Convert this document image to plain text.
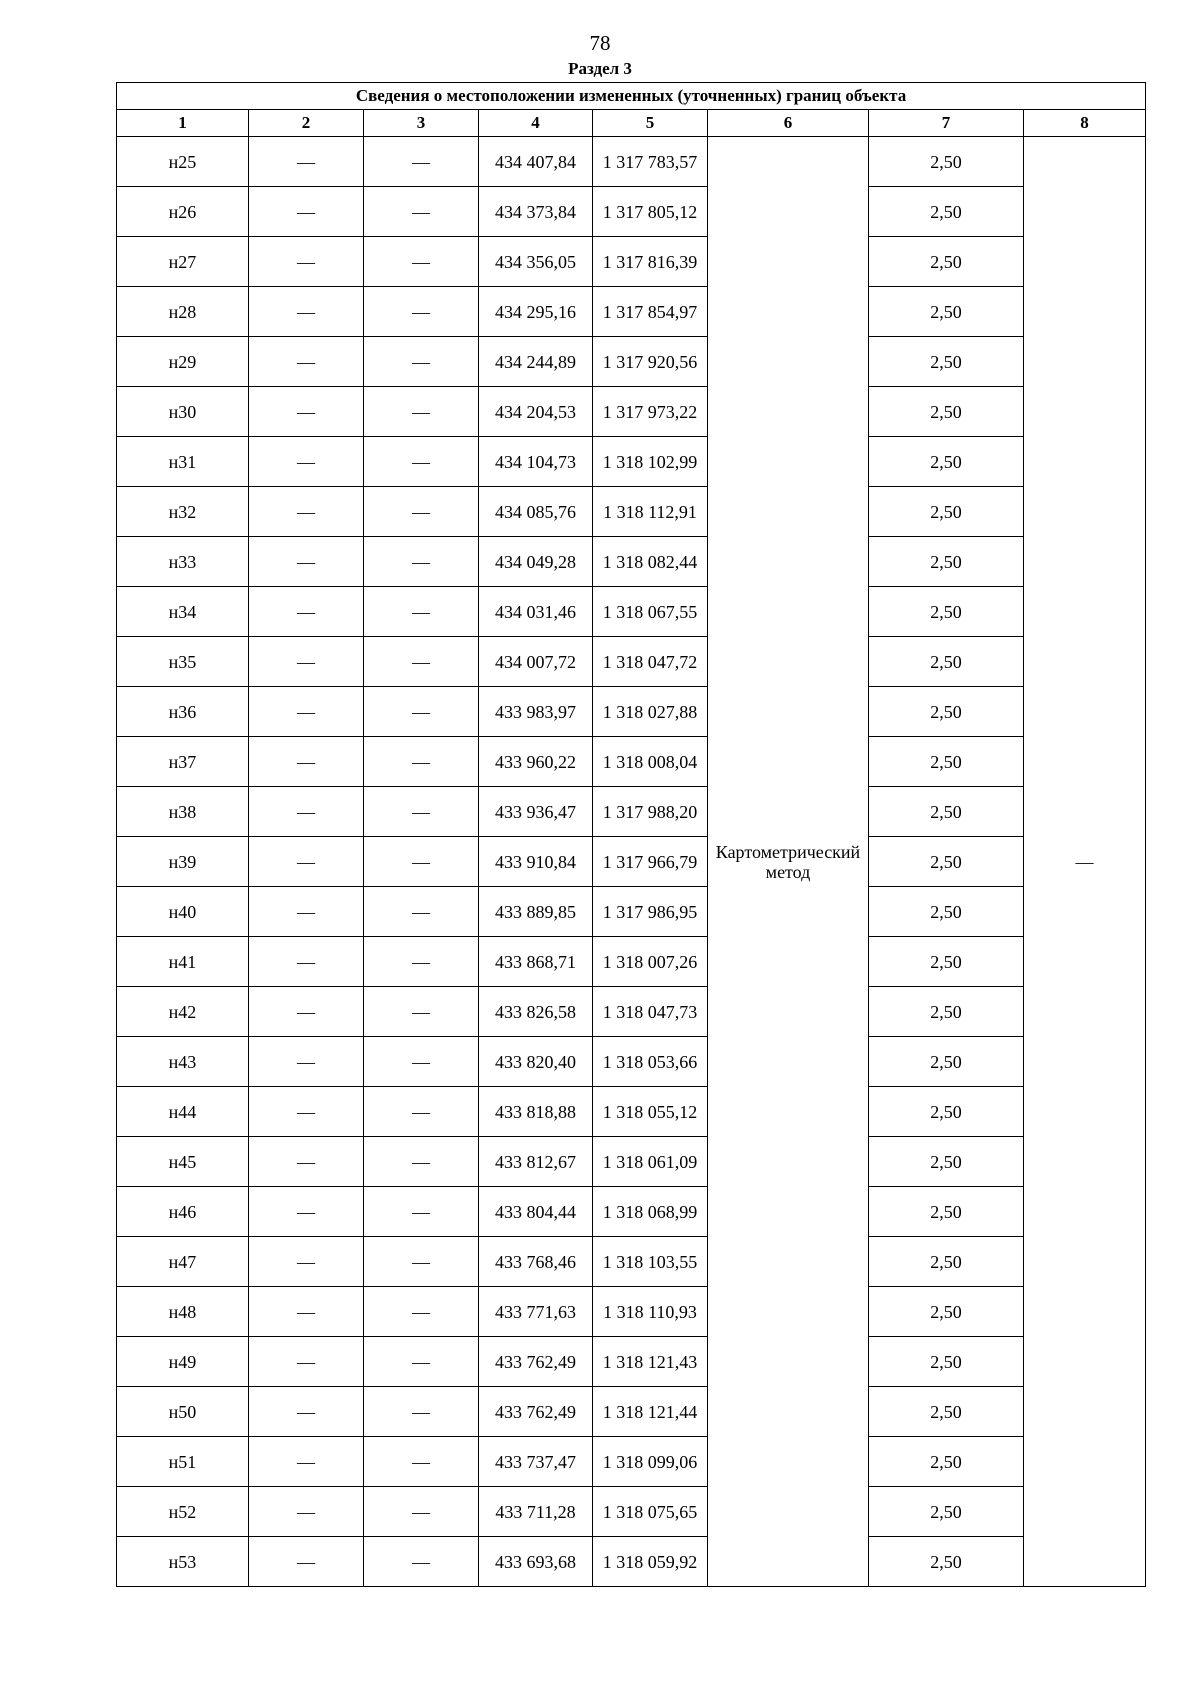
78
Раздел 3
Сведения о местоположении измененных (уточненных) границ объекта							
1	2	3	4	5	6	7	8
н25	—	—	434 407,84	1 317 783,57	Картометрический метод	2,50	—
н26	—	—	434 373,84	1 317 805,12		2,50	
н27	—	—	434 356,05	1 317 816,39		2,50	
н28	—	—	434 295,16	1 317 854,97		2,50	
н29	—	—	434 244,89	1 317 920,56		2,50	
н30	—	—	434 204,53	1 317 973,22		2,50	
н31	—	—	434 104,73	1 318 102,99		2,50	
н32	—	—	434 085,76	1 318 112,91		2,50	
н33	—	—	434 049,28	1 318 082,44		2,50	
н34	—	—	434 031,46	1 318 067,55		2,50	
н35	—	—	434 007,72	1 318 047,72		2,50	
н36	—	—	433 983,97	1 318 027,88		2,50	
н37	—	—	433 960,22	1 318 008,04		2,50	
н38	—	—	433 936,47	1 317 988,20		2,50	
н39	—	—	433 910,84	1 317 966,79		2,50	
н40	—	—	433 889,85	1 317 986,95		2,50	
н41	—	—	433 868,71	1 318 007,26		2,50	
н42	—	—	433 826,58	1 318 047,73		2,50	
н43	—	—	433 820,40	1 318 053,66		2,50	
н44	—	—	433 818,88	1 318 055,12		2,50	
н45	—	—	433 812,67	1 318 061,09		2,50	
н46	—	—	433 804,44	1 318 068,99		2,50	
н47	—	—	433 768,46	1 318 103,55		2,50	
н48	—	—	433 771,63	1 318 110,93		2,50	
н49	—	—	433 762,49	1 318 121,43		2,50	
н50	—	—	433 762,49	1 318 121,44		2,50	
н51	—	—	433 737,47	1 318 099,06		2,50	
н52	—	—	433 711,28	1 318 075,65		2,50	
н53	—	—	433 693,68	1 318 059,92		2,50	
